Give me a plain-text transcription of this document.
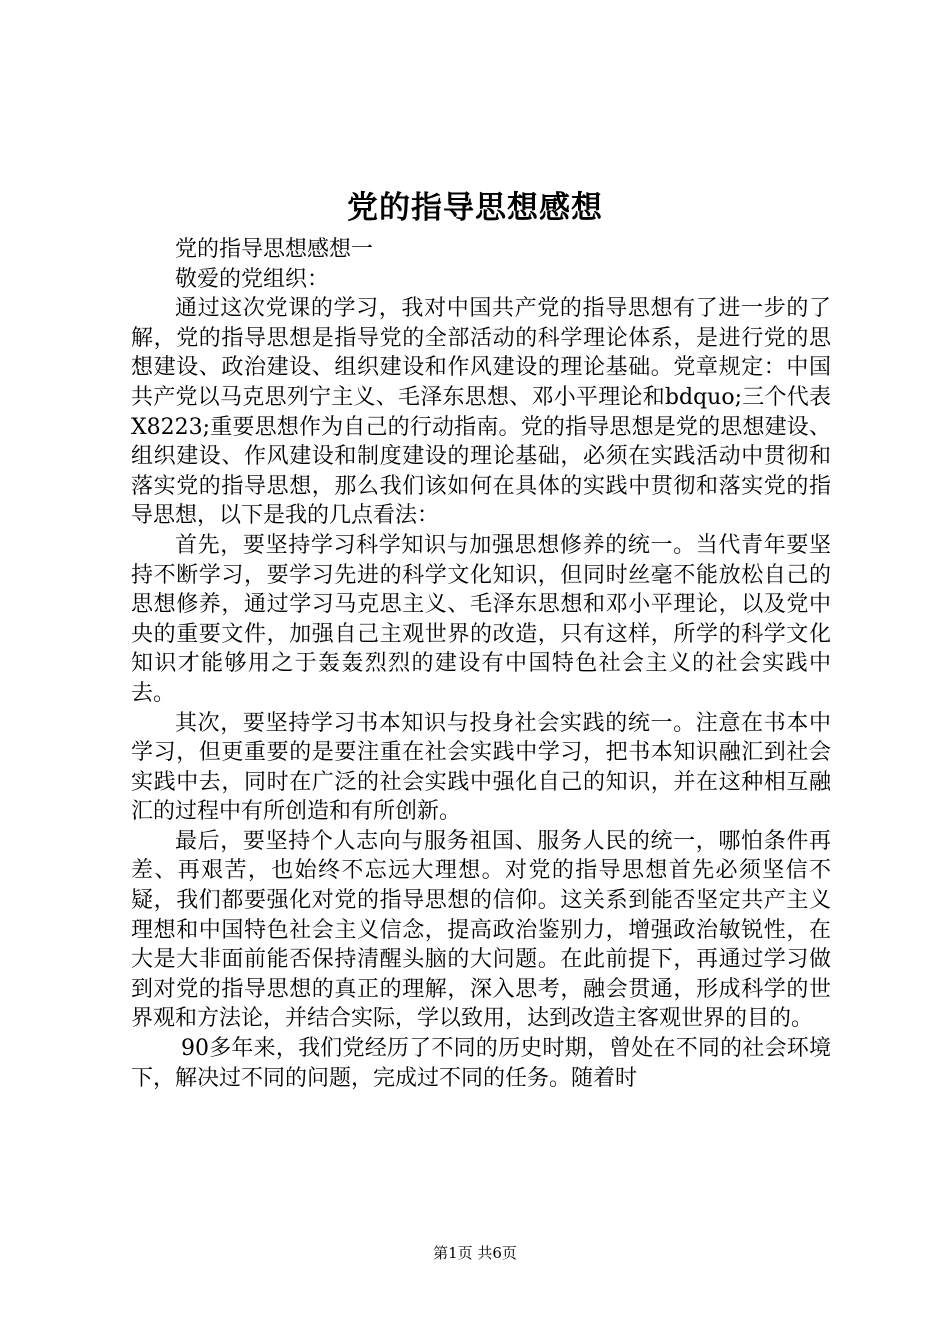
党的指导思想感想

党的指导思想感想一

敬爱的党组织：

通过这次党课的学习，我对中国共产党的指导思想有了进一步的了解，党的指导思想是指导党的全部活动的科学理论体系，是进行党的思想建设、政治建设、组织建设和作风建设的理论基础。党章规定：中国共产党以马克思列宁主义、毛泽东思想、邓小平理论和bdquo;三个代表X8223;重要思想作为自己的行动指南。党的指导思想是党的思想建设、组织建设、作风建设和制度建设的理论基础，必须在实践活动中贯彻和落实党的指导思想，那么我们该如何在具体的实践中贯彻和落实党的指导思想，以下是我的几点看法：

首先，要坚持学习科学知识与加强思想修养的统一。当代青年要坚持不断学习，要学习先进的科学文化知识，但同时丝毫不能放松自己的思想修养，通过学习马克思主义、毛泽东思想和邓小平理论，以及党中央的重要文件，加强自己主观世界的改造，只有这样，所学的科学文化知识才能够用之于轰轰烈烈的建设有中国特色社会主义的社会实践中去。

其次，要坚持学习书本知识与投身社会实践的统一。注意在书本中学习，但更重要的是要注重在社会实践中学习，把书本知识融汇到社会实践中去，同时在广泛的社会实践中强化自己的知识，并在这种相互融汇的过程中有所创造和有所创新。

最后，要坚持个人志向与服务祖国、服务人民的统一，哪怕条件再差、再艰苦，也始终不忘远大理想。对党的指导思想首先必须坚信不疑，我们都要强化对党的指导思想的信仰。这关系到能否坚定共产主义理想和中国特色社会主义信念，提高政治鉴别力，增强政治敏锐性，在大是大非面前能否保持清醒头脑的大问题。在此前提下，再通过学习做到对党的指导思想的真正的理解，深入思考，融会贯通，形成科学的世界观和方法论，并结合实际，学以致用，达到改造主客观世界的目的。

90多年来，我们党经历了不同的历史时期，曾处在不同的社会环境下，解决过不同的问题，完成过不同的任务。随着时

第1页 共6页
